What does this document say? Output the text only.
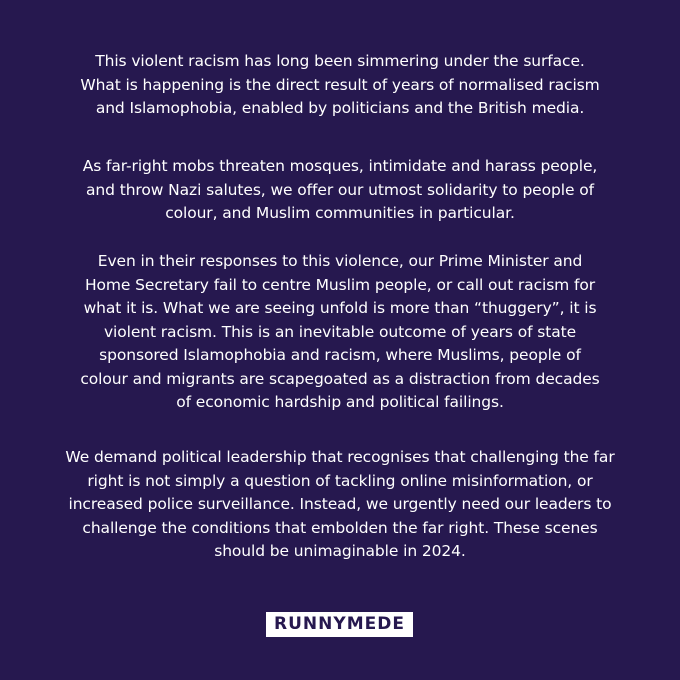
This violent racism has long been simmering under the surface.
What is happening is the direct result of years of normalised racism
and Islamophobia, enabled by politicians and the British media.

As far-right mobs threaten mosques, intimidate and harass people,
and throw Nazi salutes, we offer our utmost solidarity to people of
colour, and Muslim communities in particular.

Even in their responses to this violence, our Prime Minister and
Home Secretary fail to centre Muslim people, or call out racism for
what it is. What we are seeing unfold is more than “thuggery”, it is
violent racism. This is an inevitable outcome of years of state
sponsored Islamophobia and racism, where Muslims, people of
colour and migrants are scapegoated as a distraction from decades
of economic hardship and political failings.

We demand political leadership that recognises that challenging the far
right is not simply a question of tackling online misinformation, or
increased police surveillance. Instead, we urgently need our leaders to
challenge the conditions that embolden the far right. These scenes
should be unimaginable in 2024.

RUNNYMEDE
